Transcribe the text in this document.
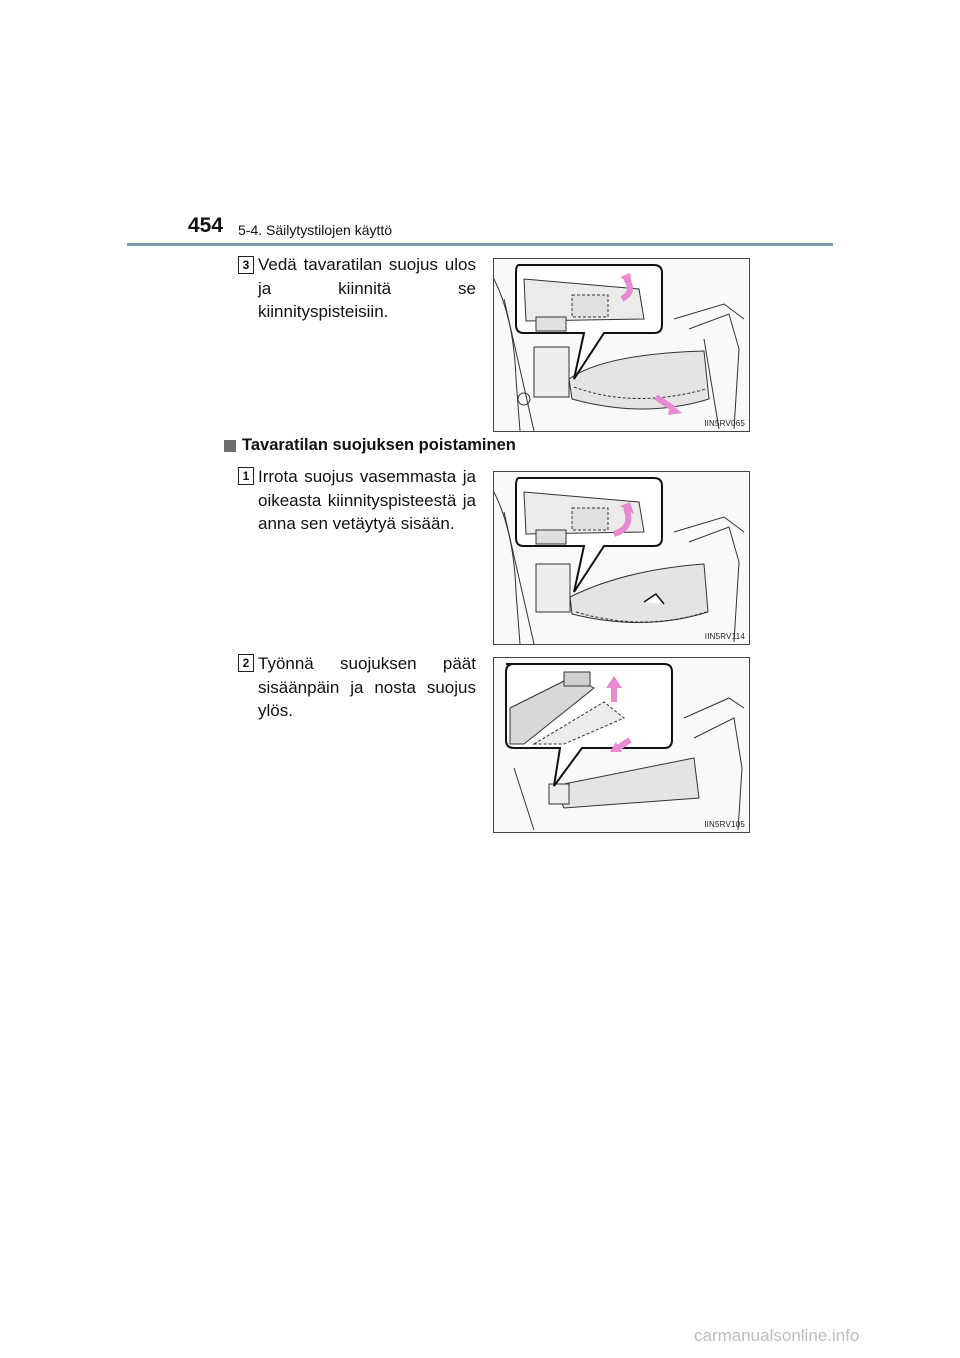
454 5-4. Säilytystilojen käyttö
3 Vedä tavaratilan suojus ulos ja kiinnitä se kiinnityspisteisiin.
IIN5RV065
Tavaratilan suojuksen poistaminen
1 Irrota suojus vasemmasta ja oikeasta kiinnityspisteestä ja anna sen vetäytyä sisään.
IIN5RV114
2 Työnnä suojuksen päät sisäänpäin ja nosta suojus ylös.
IIN5RV105
carmanualsonline.info
